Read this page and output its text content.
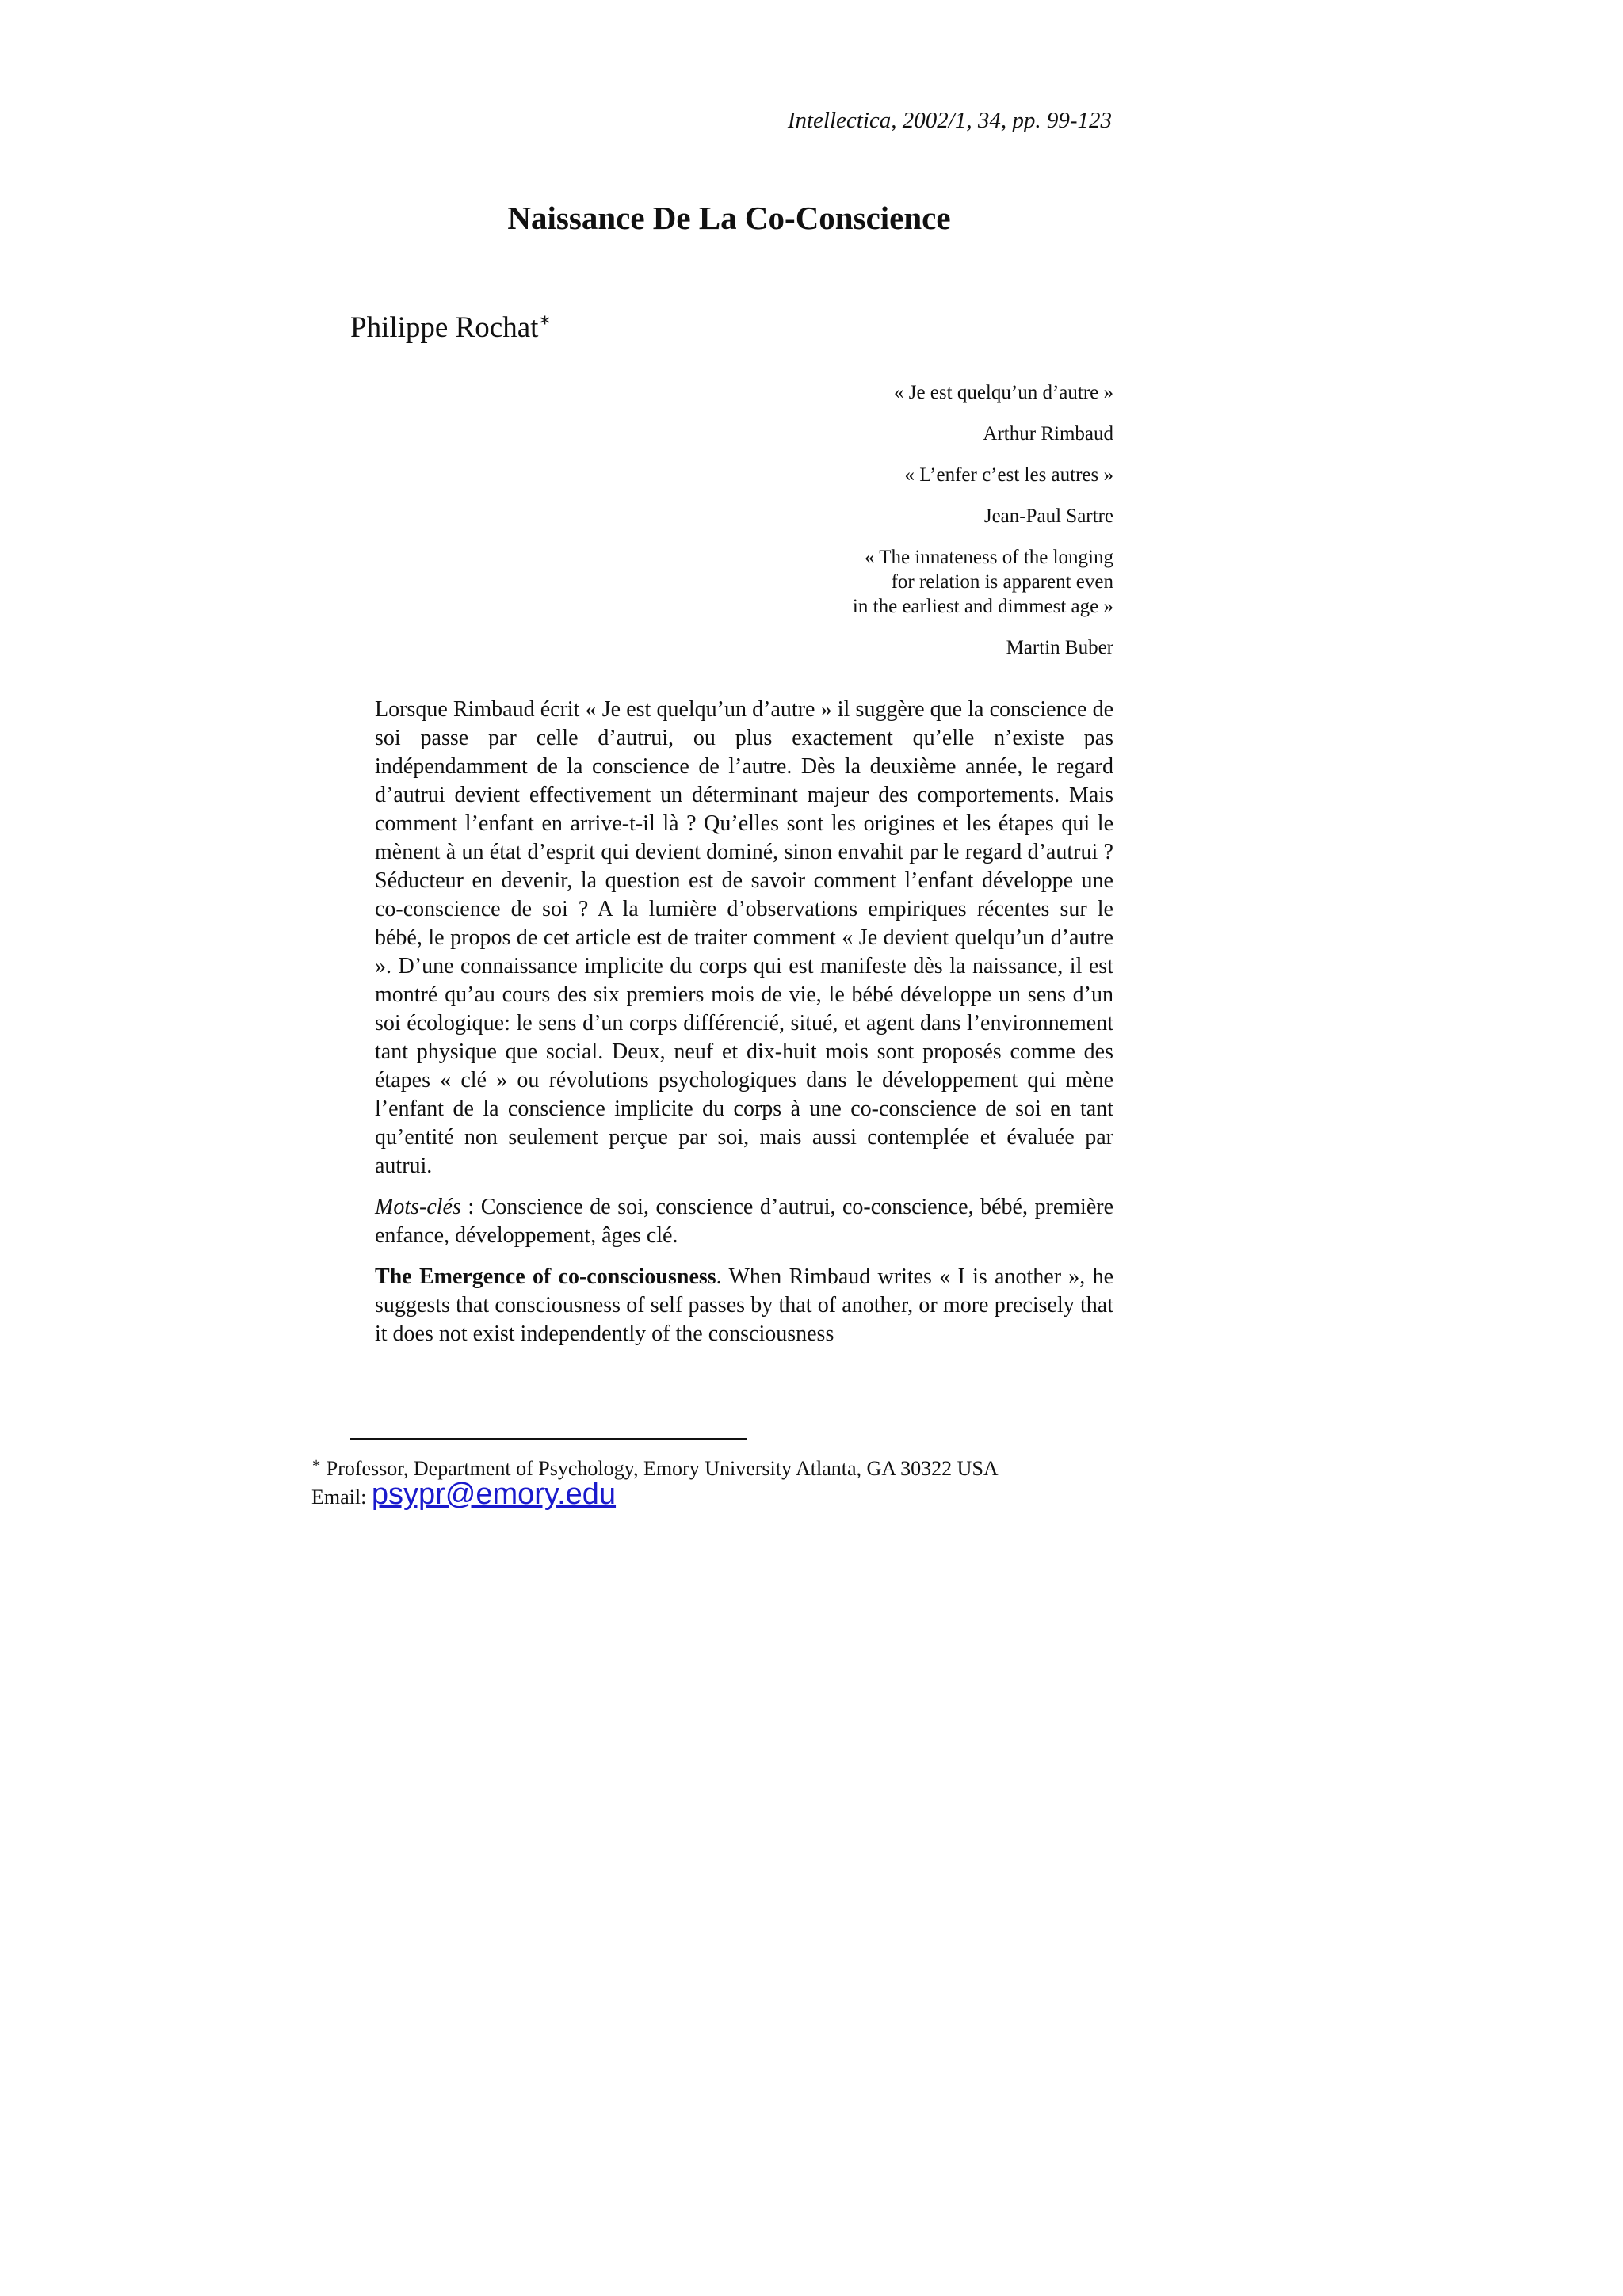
Intellectica, 2002/1, 34, pp. 99-123
Naissance De La Co-Conscience
Philippe Rochat∗

« Je est quelqu’un d’autre »

Arthur Rimbaud

« L’enfer c’est les autres »

Jean-Paul Sartre

« The innateness of the longing

for relation is apparent even

in the earliest and dimmest age »

Martin Buber

Lorsque Rimbaud écrit « Je est quelqu’un d’autre » il suggère que la conscience de soi passe par celle d’autrui, ou plus exactement qu’elle n’existe pas indépendamment de la conscience de l’autre. Dès la deuxième année, le regard d’autrui devient effectivement un déterminant majeur des comportements. Mais comment l’enfant en arrive-t-il là ? Qu’elles sont les origines et les étapes qui le mènent à un état d’esprit qui devient dominé, sinon envahit par le regard d’autrui ? Séducteur en devenir, la question est de savoir comment l’enfant développe une co-conscience de soi ? A la lumière d’observations empiriques récentes sur le bébé, le propos de cet article est de traiter comment « Je devient quelqu’un d’autre ». D’une connaissance implicite du corps qui est manifeste dès la naissance, il est montré qu’au cours des six premiers mois de vie, le bébé développe un sens d’un soi écologique: le sens d’un corps différencié, situé, et agent dans l’environnement tant physique que social. Deux, neuf et dix-huit mois sont proposés comme des étapes « clé » ou révolutions psychologiques dans le développement qui mène l’enfant de la conscience implicite du corps à une co-conscience de soi en tant qu’entité non seulement perçue par soi, mais aussi contemplée et évaluée par autrui.

Mots-clés : Conscience de soi, conscience d’autrui, co-conscience, bébé, première enfance, développement, âges clé.

The Emergence of co-consciousness. When Rimbaud writes « I is another », he suggests that consciousness of self passes by that of another, or more precisely that it does not exist independently of the consciousness

∗ Professor, Department of Psychology, Emory University Atlanta, GA 30322 USA
Email: psypr@emory.edu
